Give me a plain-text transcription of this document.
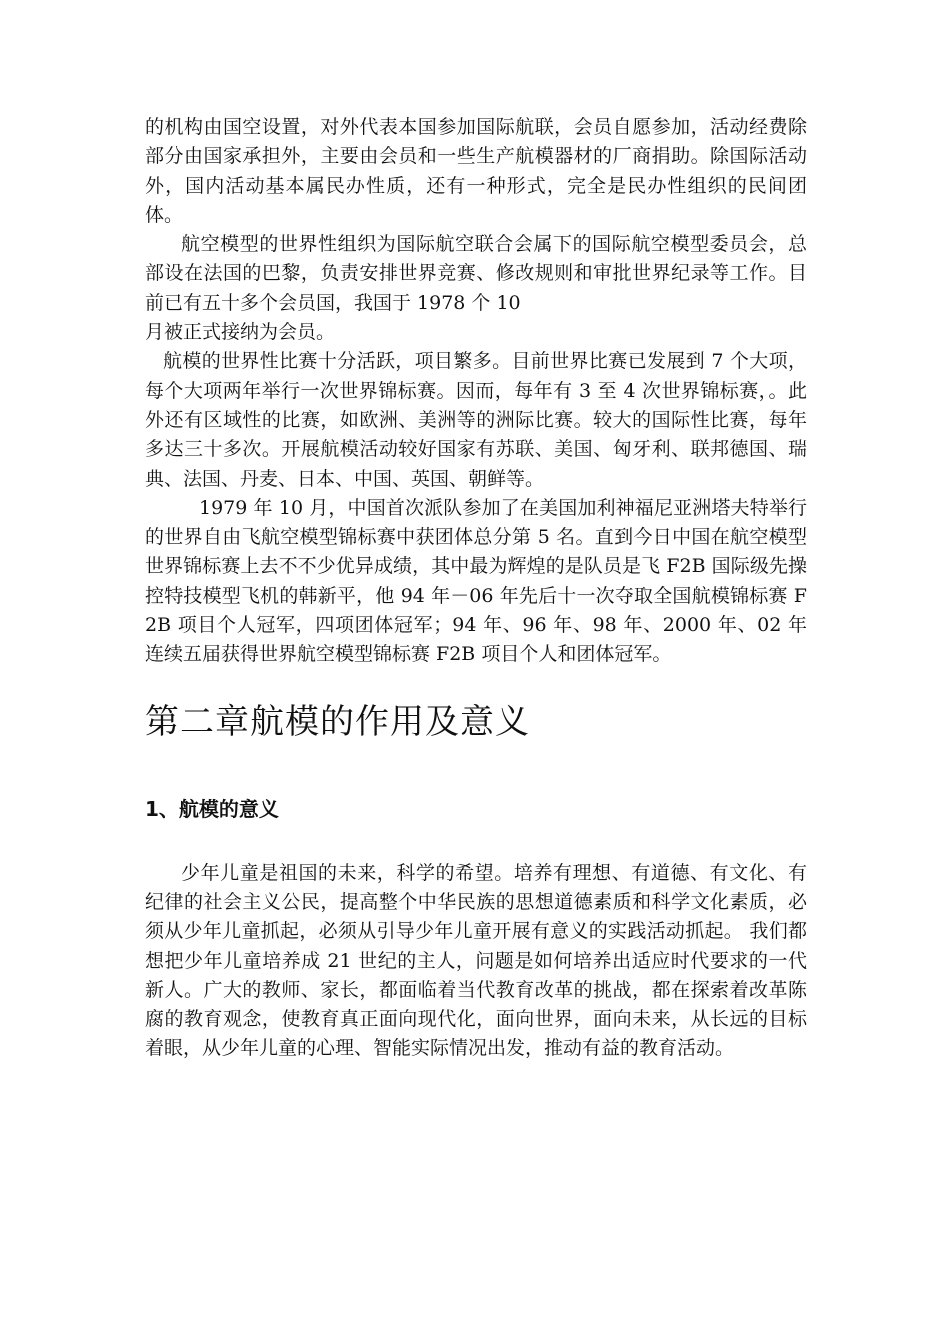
的机构由国空设置，对外代表本国参加国际航联，会员自愿参加，活动经费除部分由国家承担外，主要由会员和一些生产航模器材的厂商捐助。除国际活动外，国内活动基本属民办性质，还有一种形式，完全是民办性组织的民间团体。

航空模型的世界性组织为国际航空联合会属下的国际航空模型委员会，总部设在法国的巴黎，负责安排世界竞赛、修改规则和审批世界纪录等工作。目前已有五十多个会员国，我国于 1978 个 10

月被正式接纳为会员。

航模的世界性比赛十分活跃，项目繁多。目前世界比赛已发展到 7 个大项，每个大项两年举行一次世界锦标赛。因而，每年有 3 至 4 次世界锦标赛，。此外还有区域性的比赛，如欧洲、美洲等的洲际比赛。较大的国际性比赛，每年多达三十多次。开展航模活动较好国家有苏联、美国、匈牙利、联邦德国、瑞典、法国、丹麦、日本、中国、英国、朝鲜等。

1979 年 10 月，中国首次派队参加了在美国加利神福尼亚洲塔夫特举行的世界自由飞航空模型锦标赛中获团体总分第 5 名。直到今日中国在航空模型世界锦标赛上去不不少优异成绩，其中最为辉煌的是队员是飞 F2B 国际级先操控特技模型飞机的韩新平，他 94 年－06 年先后十一次夺取全国航模锦标赛 F2B 项目个人冠军，四项团体冠军；94 年、96 年、98 年、2000 年、02 年连续五届获得世界航空模型锦标赛 F2B 项目个人和团体冠军。

第二章航模的作用及意义
1、航模的意义

少年儿童是祖国的未来，科学的希望。培养有理想、有道德、有文化、有纪律的社会主义公民，提高整个中华民族的思想道德素质和科学文化素质，必须从少年儿童抓起，必须从引导少年儿童开展有意义的实践活动抓起。 我们都想把少年儿童培养成 21 世纪的主人，问题是如何培养出适应时代要求的一代新人。广大的教师、家长，都面临着当代教育改革的挑战，都在探索着改革陈腐的教育观念，使教育真正面向现代化，面向世界，面向未来，从长远的目标着眼，从少年儿童的心理、智能实际情况出发，推动有益的教育活动。
